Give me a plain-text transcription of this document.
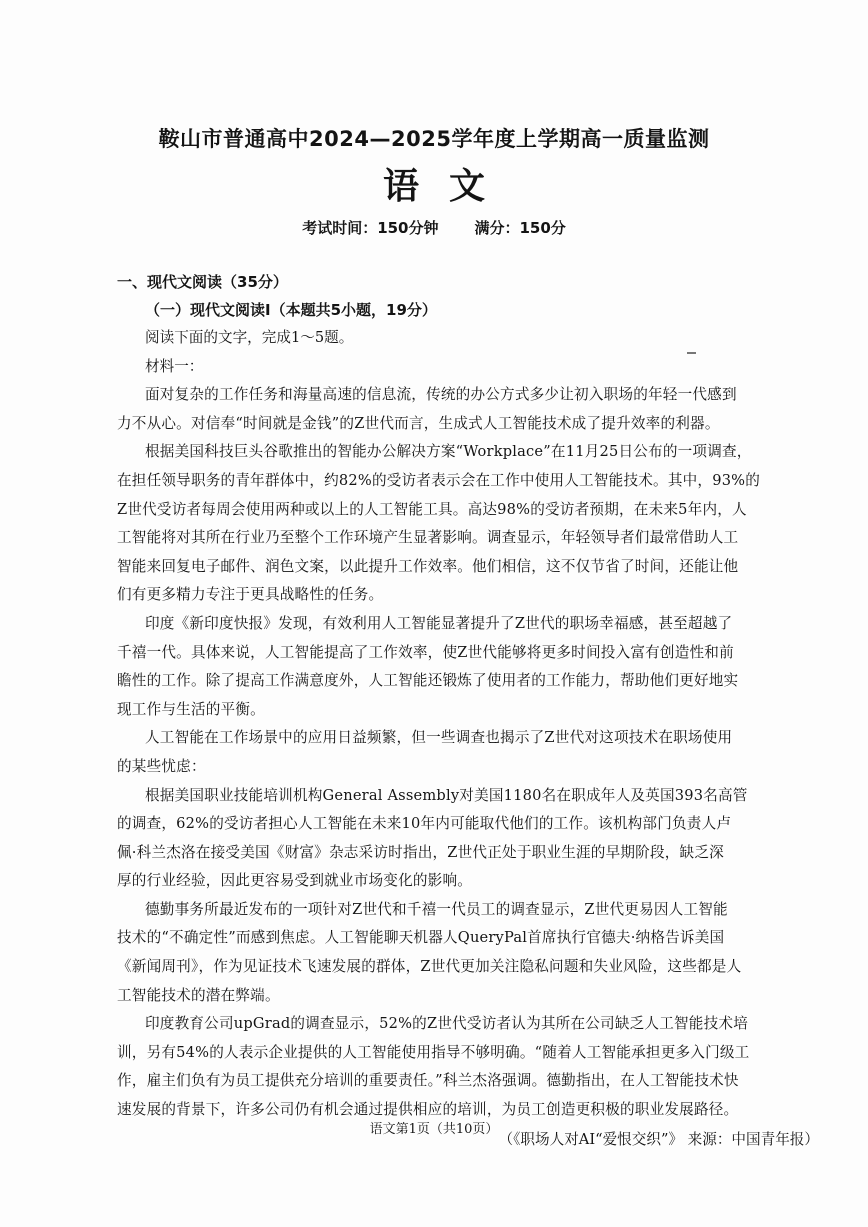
鞍山市普通高中2024—2025学年度上学期高一质量监测
语文
考试时间：150分钟 满分：150分
一、现代文阅读（35分）
（一）现代文阅读Ⅰ（本题共5小题，19分）
阅读下面的文字，完成1～5题。
材料一：
面对复杂的工作任务和海量高速的信息流，传统的办公方式多少让初入职场的年轻一代感到
力不从心。对信奉“时间就是金钱”的Z世代而言，生成式人工智能技术成了提升效率的利器。
根据美国科技巨头谷歌推出的智能办公解决方案“Workplace”在11月25日公布的一项调查，
在担任领导职务的青年群体中，约82%的受访者表示会在工作中使用人工智能技术。其中，93%的
Z世代受访者每周会使用两种或以上的人工智能工具。高达98%的受访者预期，在未来5年内，人
工智能将对其所在行业乃至整个工作环境产生显著影响。调查显示，年轻领导者们最常借助人工
智能来回复电子邮件、润色文案，以此提升工作效率。他们相信，这不仅节省了时间，还能让他
们有更多精力专注于更具战略性的任务。
印度《新印度快报》发现，有效利用人工智能显著提升了Z世代的职场幸福感，甚至超越了
千禧一代。具体来说，人工智能提高了工作效率，使Z世代能够将更多时间投入富有创造性和前
瞻性的工作。除了提高工作满意度外，人工智能还锻炼了使用者的工作能力，帮助他们更好地实
现工作与生活的平衡。
人工智能在工作场景中的应用日益频繁，但一些调查也揭示了Z世代对这项技术在职场使用
的某些忧虑：
根据美国职业技能培训机构General Assembly对美国1180名在职成年人及英国393名高管
的调查，62%的受访者担心人工智能在未来10年内可能取代他们的工作。该机构部门负责人卢
佩·科兰杰洛在接受美国《财富》杂志采访时指出，Z世代正处于职业生涯的早期阶段，缺乏深
厚的行业经验，因此更容易受到就业市场变化的影响。
德勤事务所最近发布的一项针对Z世代和千禧一代员工的调查显示，Z世代更易因人工智能
技术的“不确定性”而感到焦虑。人工智能聊天机器人QueryPal首席执行官德夫·纳格告诉美国
《新闻周刊》，作为见证技术飞速发展的群体，Z世代更加关注隐私问题和失业风险，这些都是人
工智能技术的潜在弊端。
印度教育公司upGrad的调查显示，52%的Z世代受访者认为其所在公司缺乏人工智能技术培
训，另有54%的人表示企业提供的人工智能使用指导不够明确。“随着人工智能承担更多入门级工
作，雇主们负有为员工提供充分培训的重要责任。”科兰杰洛强调。德勤指出，在人工智能技术快
速发展的背景下，许多公司仍有机会通过提供相应的培训，为员工创造更积极的职业发展路径。
（《职场人对AI“爱恨交织”》 来源：中国青年报）
语文第1页（共10页）
